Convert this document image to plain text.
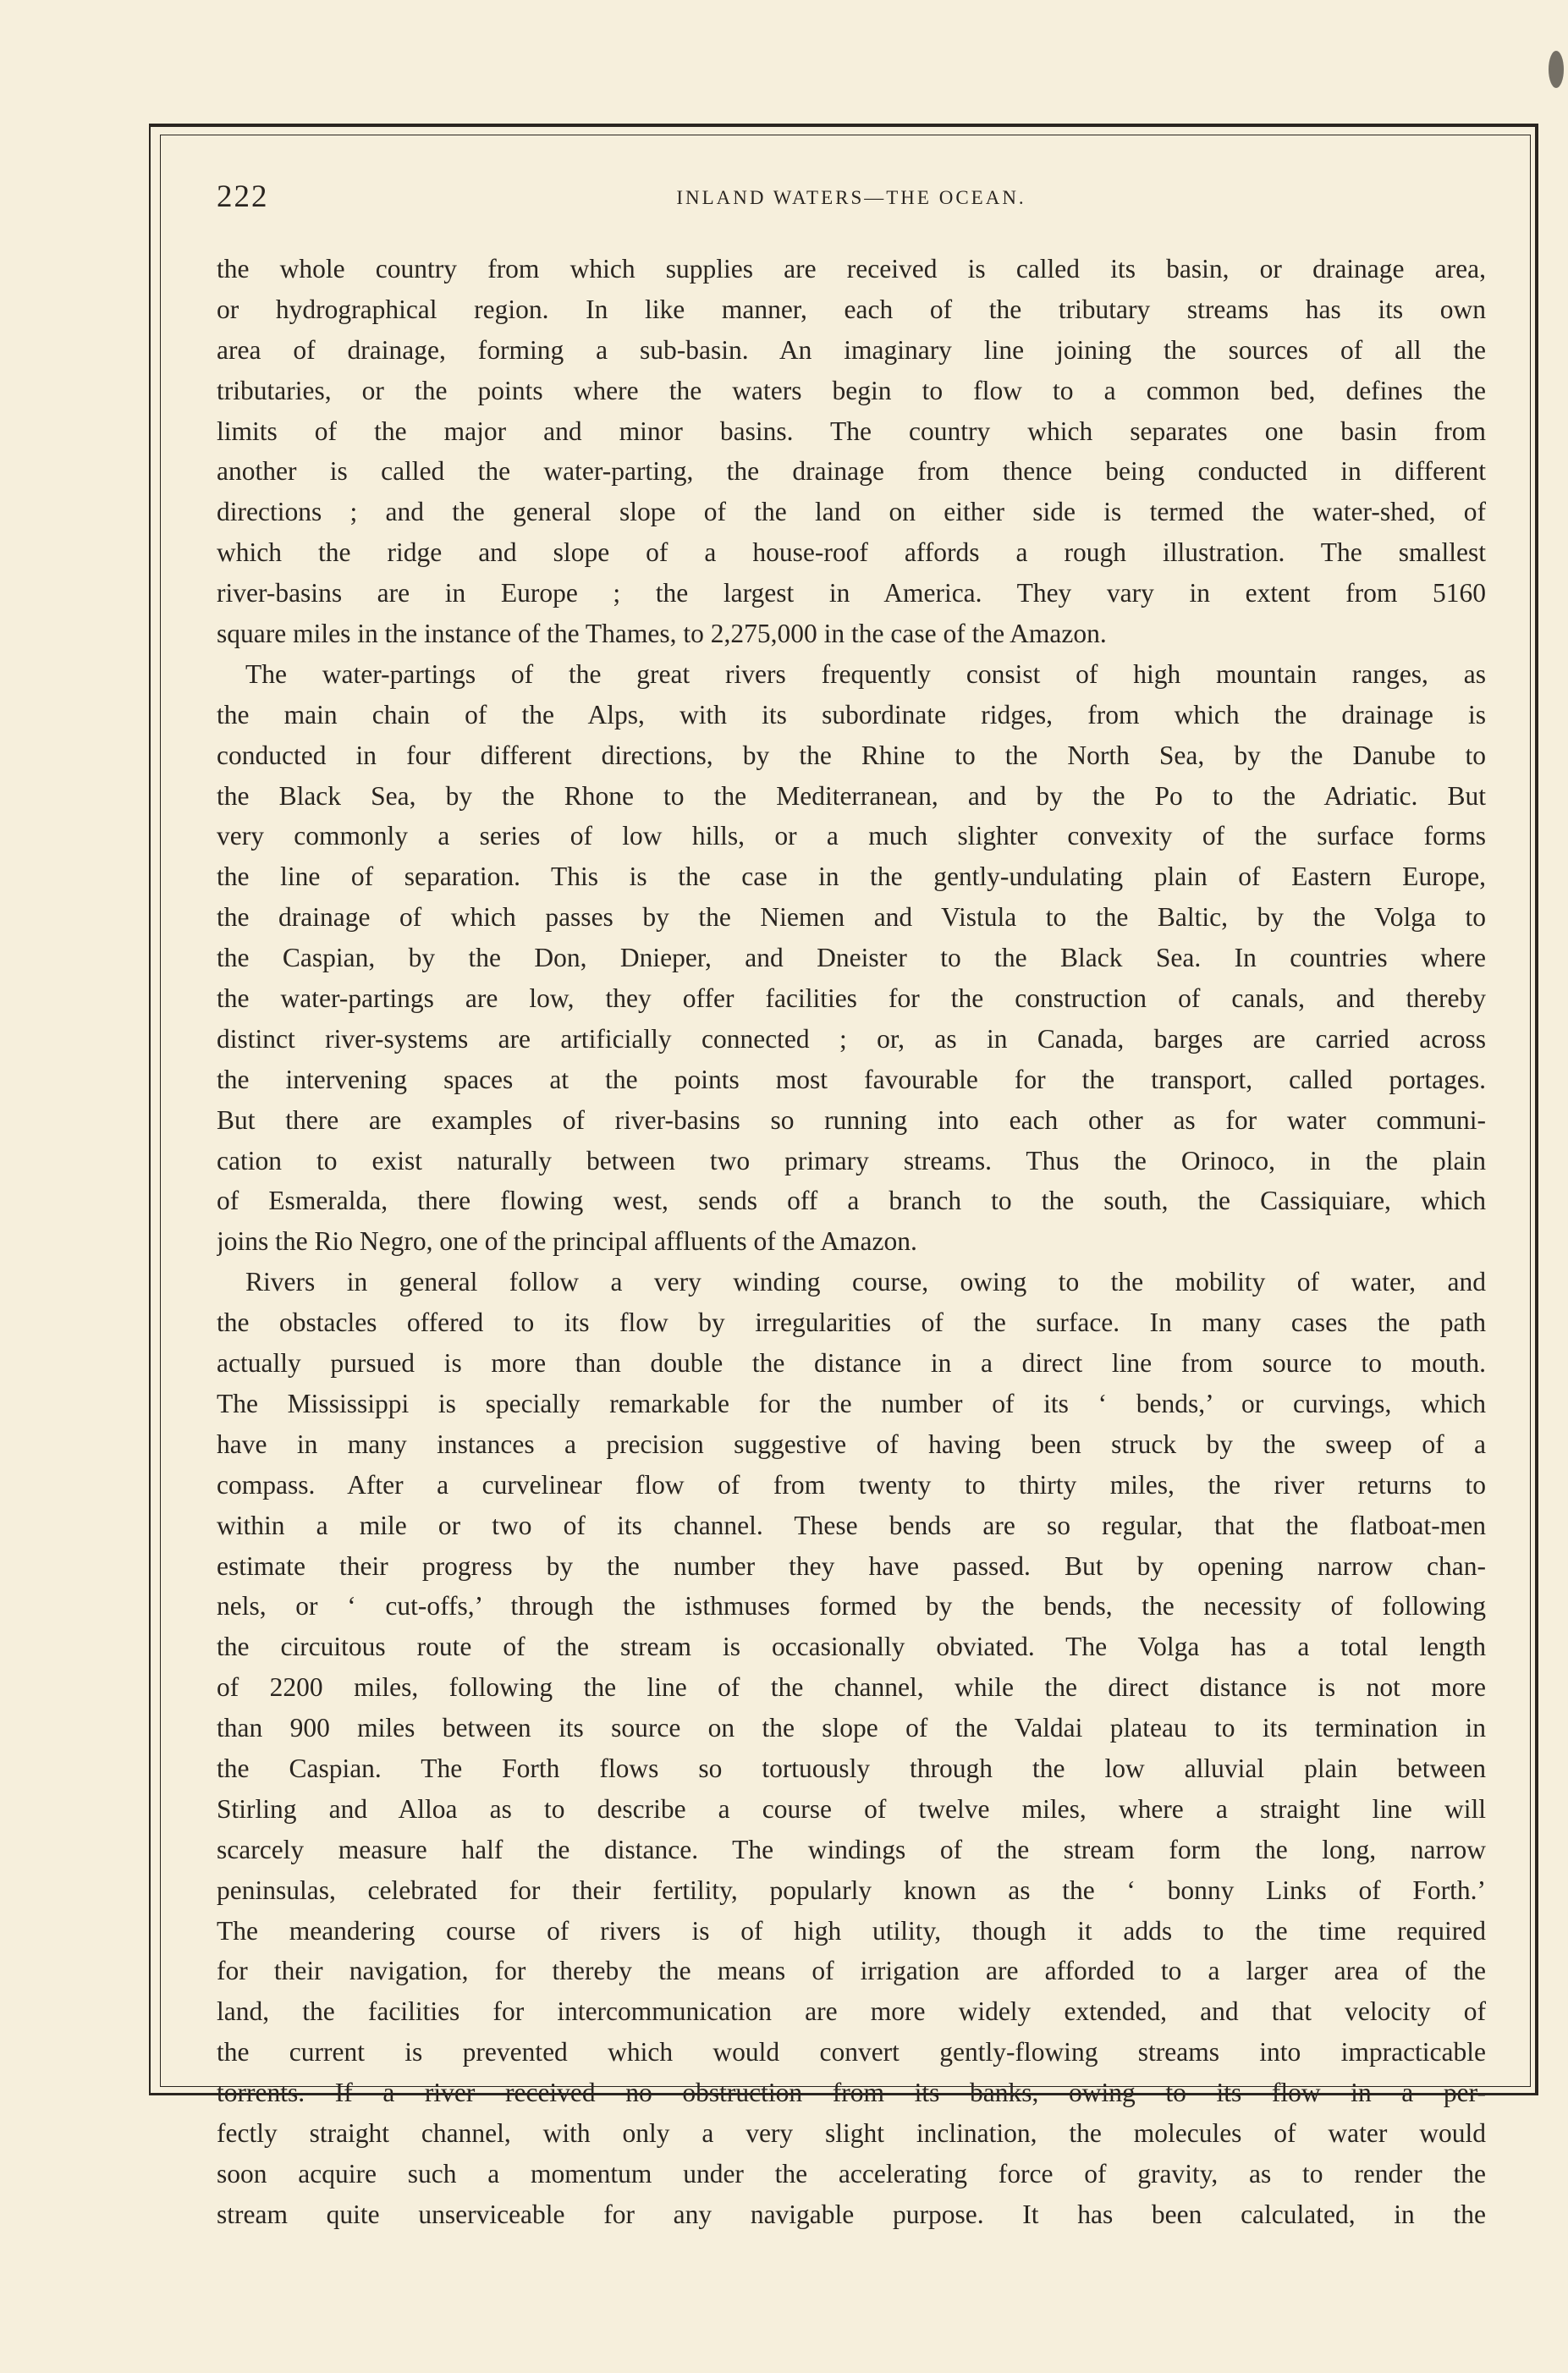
222	INLAND WATERS—THE OCEAN.
the whole country from which supplies are received is called its basin, or drainage area,
or hydrographical region. In like manner, each of the tributary streams has its own
area of drainage, forming a sub-basin. An imaginary line joining the sources of all the
tributaries, or the points where the waters begin to flow to a common bed, defines the
limits of the major and minor basins. The country which separates one basin from
another is called the water-parting, the drainage from thence being conducted in different
directions ; and the general slope of the land on either side is termed the water-shed, of
which the ridge and slope of a house-roof affords a rough illustration. The smallest
river-basins are in Europe ; the largest in America. They vary in extent from 5160
square miles in the instance of the Thames, to 2,275,000 in the case of the Amazon.
The water-partings of the great rivers frequently consist of high mountain ranges, as
the main chain of the Alps, with its subordinate ridges, from which the drainage is
conducted in four different directions, by the Rhine to the North Sea, by the Danube to
the Black Sea, by the Rhone to the Mediterranean, and by the Po to the Adriatic. But
very commonly a series of low hills, or a much slighter convexity of the surface forms
the line of separation. This is the case in the gently-undulating plain of Eastern Europe,
the drainage of which passes by the Niemen and Vistula to the Baltic, by the Volga to
the Caspian, by the Don, Dnieper, and Dneister to the Black Sea. In countries where
the water-partings are low, they offer facilities for the construction of canals, and thereby
distinct river-systems are artificially connected ; or, as in Canada, barges are carried across
the intervening spaces at the points most favourable for the transport, called portages.
But there are examples of river-basins so running into each other as for water communi-
cation to exist naturally between two primary streams. Thus the Orinoco, in the plain
of Esmeralda, there flowing west, sends off a branch to the south, the Cassiquiare, which
joins the Rio Negro, one of the principal affluents of the Amazon.
Rivers in general follow a very winding course, owing to the mobility of water, and
the obstacles offered to its flow by irregularities of the surface. In many cases the path
actually pursued is more than double the distance in a direct line from source to mouth.
The Mississippi is specially remarkable for the number of its ‘ bends,’ or curvings, which
have in many instances a precision suggestive of having been struck by the sweep of a
compass. After a curvelinear flow of from twenty to thirty miles, the river returns to
within a mile or two of its channel. These bends are so regular, that the flatboat-men
estimate their progress by the number they have passed. But by opening narrow chan-
nels, or ‘ cut-offs,’ through the isthmuses formed by the bends, the necessity of following
the circuitous route of the stream is occasionally obviated. The Volga has a total length
of 2200 miles, following the line of the channel, while the direct distance is not more
than 900 miles between its source on the slope of the Valdai plateau to its termination in
the Caspian. The Forth flows so tortuously through the low alluvial plain between
Stirling and Alloa as to describe a course of twelve miles, where a straight line will
scarcely measure half the distance. The windings of the stream form the long, narrow
peninsulas, celebrated for their fertility, popularly known as the ‘ bonny Links of Forth.’
The meandering course of rivers is of high utility, though it adds to the time required
for their navigation, for thereby the means of irrigation are afforded to a larger area of the
land, the facilities for intercommunication are more widely extended, and that velocity of
the current is prevented which would convert gently-flowing streams into impracticable
torrents. If a river received no obstruction from its banks, owing to its flow in a per-
fectly straight channel, with only a very slight inclination, the molecules of water would
soon acquire such a momentum under the accelerating force of gravity, as to render the
stream quite unserviceable for any navigable purpose. It has been calculated, in the
